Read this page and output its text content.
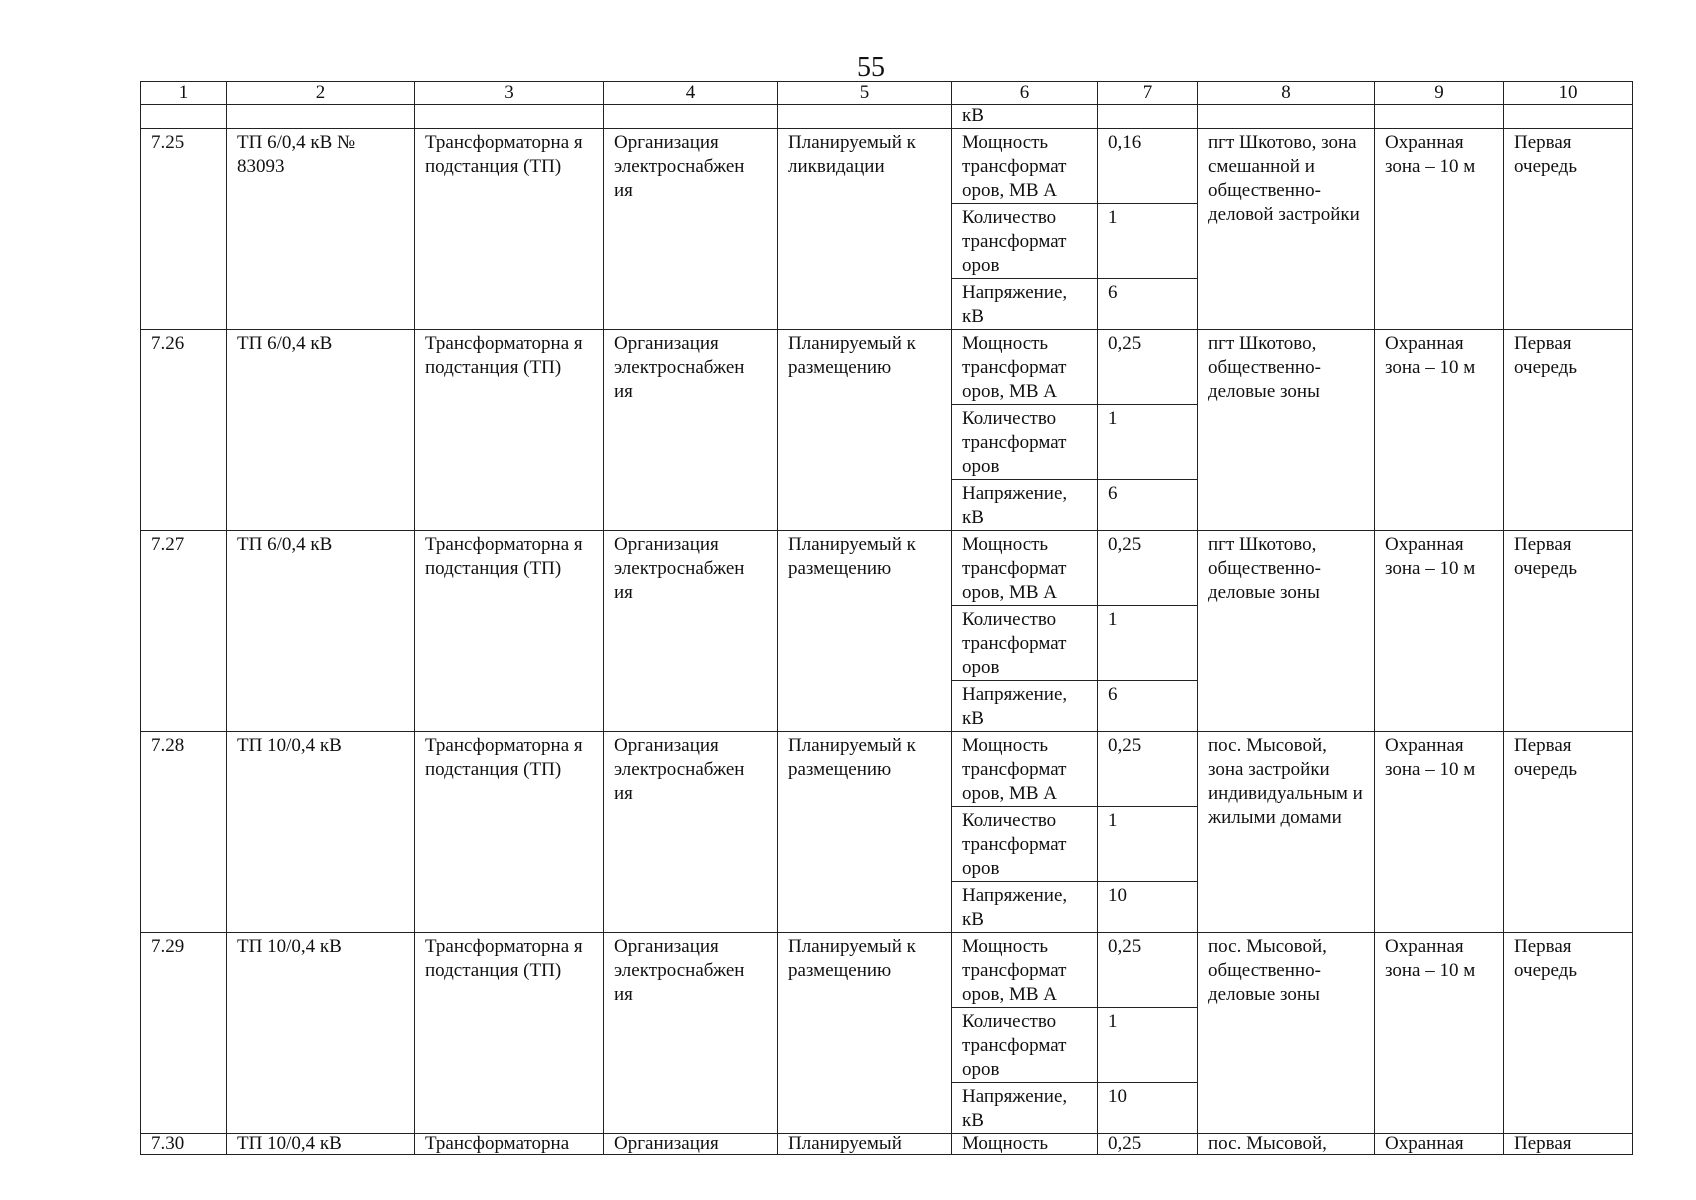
55
1	2	3	4	5	6	7	8	9	10
					кВ				
7.25	ТП 6/0,4 кВ № 83093	Трансформаторна я подстанция (ТП)	Организация электроснабжен ия	Планируемый к ликвидации	Мощность трансформат оров, МВ А	0,16	пгт Шкотово, зона смешанной и общественно-деловой застройки	Охранная зона – 10 м	Первая очередь
					Количество трансформат оров	1			
					Напряжение, кВ	6			
7.26	ТП 6/0,4 кВ	Трансформаторна я подстанция (ТП)	Организация электроснабжен ия	Планируемый к размещению	Мощность трансформат оров, МВ А	0,25	пгт Шкотово, общественно-деловые зоны	Охранная зона – 10 м	Первая очередь
					Количество трансформат оров	1			
					Напряжение, кВ	6			
7.27	ТП 6/0,4 кВ	Трансформаторна я подстанция (ТП)	Организация электроснабжен ия	Планируемый к размещению	Мощность трансформат оров, МВ А	0,25	пгт Шкотово, общественно-деловые зоны	Охранная зона – 10 м	Первая очередь
					Количество трансформат оров	1			
					Напряжение, кВ	6			
7.28	ТП 10/0,4 кВ	Трансформаторна я подстанция (ТП)	Организация электроснабжен ия	Планируемый к размещению	Мощность трансформат оров, МВ А	0,25	пос. Мысовой, зона застройки индивидуальным и жилыми домами	Охранная зона – 10 м	Первая очередь
					Количество трансформат оров	1			
					Напряжение, кВ	10			
7.29	ТП 10/0,4 кВ	Трансформаторна я подстанция (ТП)	Организация электроснабжен ия	Планируемый к размещению	Мощность трансформат оров, МВ А	0,25	пос. Мысовой, общественно-деловые зоны	Охранная зона – 10 м	Первая очередь
					Количество трансформат оров	1			
					Напряжение, кВ	10			
7.30	ТП 10/0,4 кВ	Трансформаторна	Организация	Планируемый	Мощность	0,25	пос. Мысовой,	Охранная	Первая
